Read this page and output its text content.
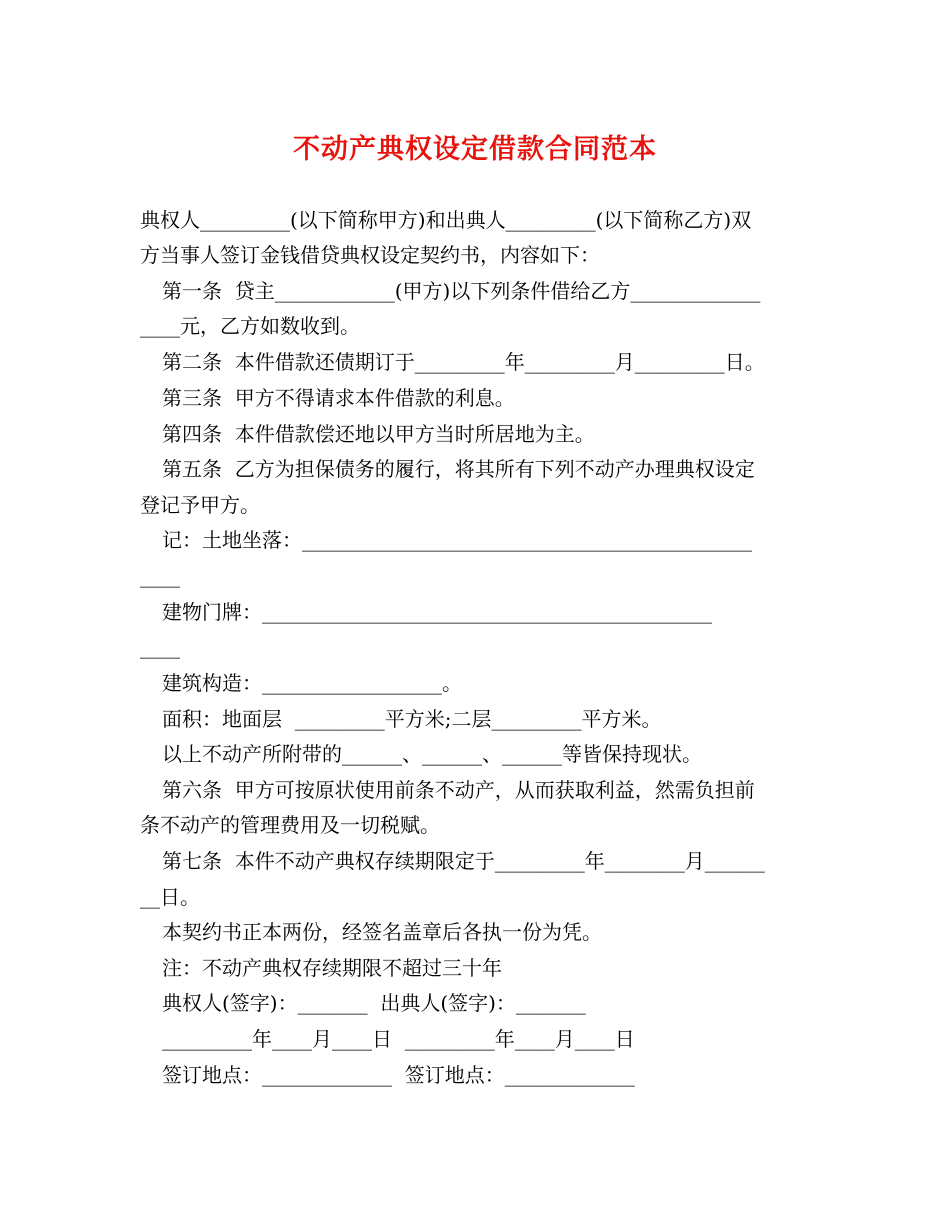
不动产典权设定借款合同范本
典权人_________(以下简称甲方)和出典人_________(以下简称乙方)双
方当事人签订金钱借贷典权设定契约书，内容如下：
第一条  贷主____________(甲方)以下列条件借给乙方_____________
____元，乙方如数收到。
第二条  本件借款还债期订于_________年_________月_________日。
第三条  甲方不得请求本件借款的利息。
第四条  本件借款偿还地以甲方当时所居地为主。
第五条  乙方为担保债务的履行，将其所有下列不动产办理典权设定
登记予甲方。
记：土地坐落：_____________________________________________
____
建物门牌：_____________________________________________
____
建筑构造：__________________。
面积：地面层  _________平方米;二层_________平方米。
以上不动产所附带的______、______、______等皆保持现状。
第六条  甲方可按原状使用前条不动产，从而获取利益，然需负担前
条不动产的管理费用及一切税赋。
第七条  本件不动产典权存续期限定于_________年________月______
__日。
本契约书正本两份，经签名盖章后各执一份为凭。
注：不动产典权存续期限不超过三十年
典权人(签字)：_______  出典人(签字)：_______
_________年____月____日  _________年____月____日
签订地点：_____________  签订地点：_____________
